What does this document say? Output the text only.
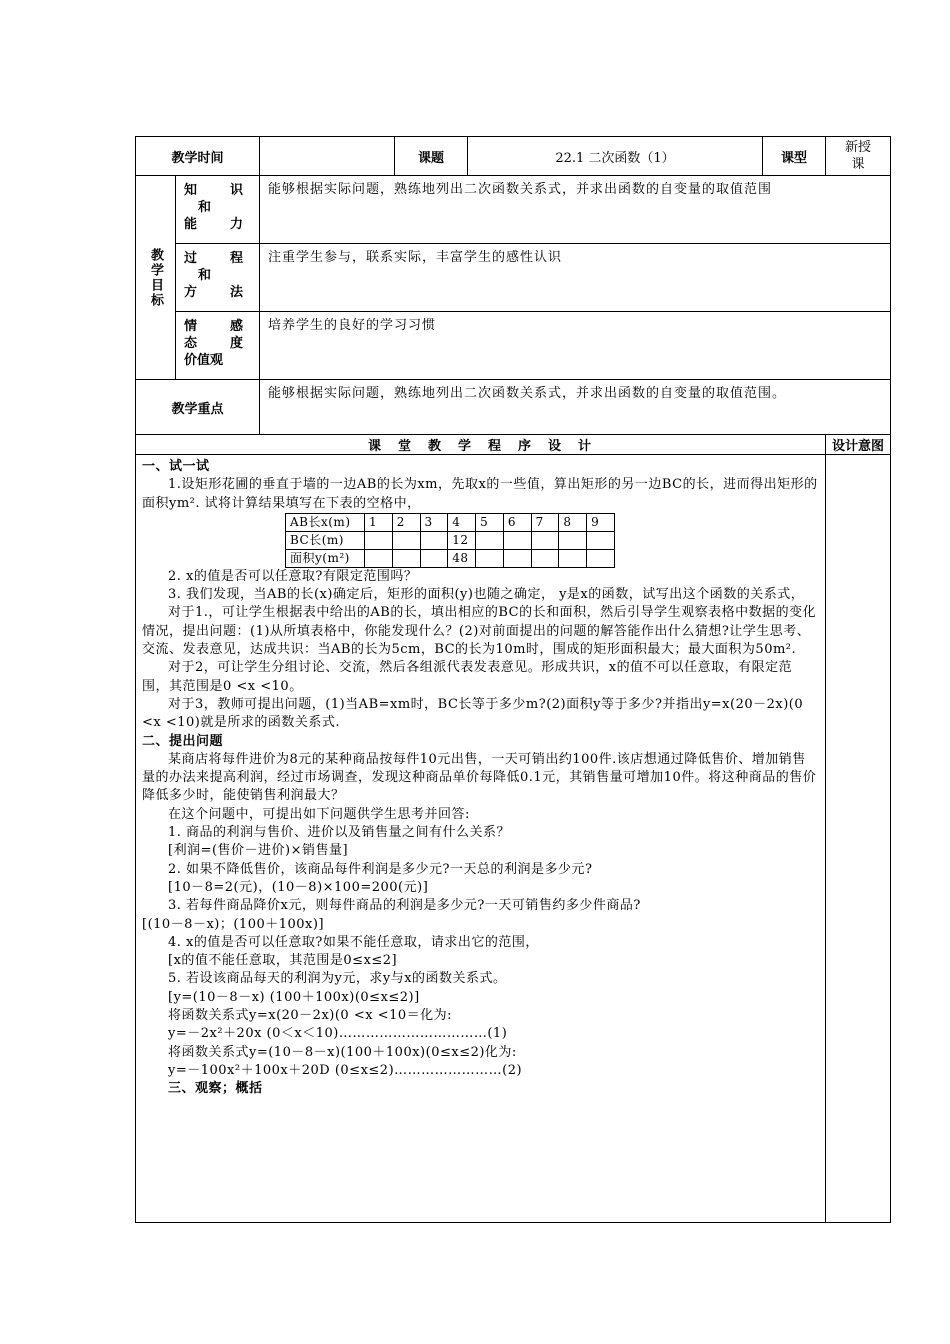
教学时间		课题	22.1 二次函数（1）	课型	新授课

教学目标

知　识
和
能　力
	能够根据实际问题，熟练地列出二次函数关系式，并求出函数的自变量的取值范围

过　程
和
方　法
	注重学生参与，联系实际，丰富学生的感性认识

情　感
态　度
价值观
	培养学生的良好的学习习惯
教学重点	能够根据实际问题，熟练地列出二次函数关系式，并求出函数的自变量的取值范围。
课　堂　教　学　程　序　设　计	设计意图

一、试一试

1.设矩形花圃的垂直于墙的一边AB的长为xm，先取x的一些值，算出矩形的另一边BC的长，进而得出矩形的面积ym². 试将计算结果填写在下表的空格中，

AB长x(m)	1	2	3	4	5	6	7	8	9
BC长(m)				12					
面积y(m²)				48					

2. x的值是否可以任意取?有限定范围吗？

3. 我们发现，当AB的长(x)确定后，矩形的面积(y)也随之确定， y是x的函数，试写出这个函数的关系式，

对于1.，可让学生根据表中给出的AB的长，填出相应的BC的长和面积，然后引导学生观察表格中数据的变化情况，提出问题：(1)从所填表格中，你能发现什么？(2)对前面提出的问题的解答能作出什么猜想?让学生思考、交流、发表意见，达成共识：当AB的长为5cm，BC的长为10m时，围成的矩形面积最大；最大面积为50m².

对于2，可让学生分组讨论、交流，然后各组派代表发表意见。形成共识，x的值不可以任意取，有限定范围，其范围是0 <x <10。

对于3，教师可提出问题，(1)当AB=xm时，BC长等于多少m?(2)面积y等于多少?并指出y=x(20－2x)(0 <x <10)就是所求的函数关系式.

二、提出问题

某商店将每件进价为8元的某种商品按每件10元出售，一天可销出约100件.该店想通过降低售价、增加销售量的办法来提高利润，经过市场调查，发现这种商品单价每降低0.1元，其销售量可增加10件。将这种商品的售价降低多少时，能使销售利润最大？

在这个问题中，可提出如下问题供学生思考并回答:

1. 商品的利润与售价、进价以及销售量之间有什么关系？

[利润=(售价－进价)×销售量]

2. 如果不降低售价，该商品每件利润是多少元?一天总的利润是多少元?

[10－8=2(元)，(10－8)×100=200(元)]

3. 若每件商品降价x元，则每件商品的利润是多少元?一天可销售约多少件商品?

[(10－8－x)；(100＋100x)]

4. x的值是否可以任意取?如果不能任意取，请求出它的范围，

[x的值不能任意取，其范围是0≤x≤2]

5. 若设该商品每天的利润为y元，求y与x的函数关系式。

[y=(10－8－x) (100＋100x)(0≤x≤2)]

将函数关系式y=x(20－2x)(0 <x <10＝化为:

y=－2x²＋20x (0＜x＜10)……………………………(1)

将函数关系式y=(10－8－x)(100＋100x)(0≤x≤2)化为:

y=－100x²＋100x＋20D (0≤x≤2)……………………(2)

三、观察；概括
